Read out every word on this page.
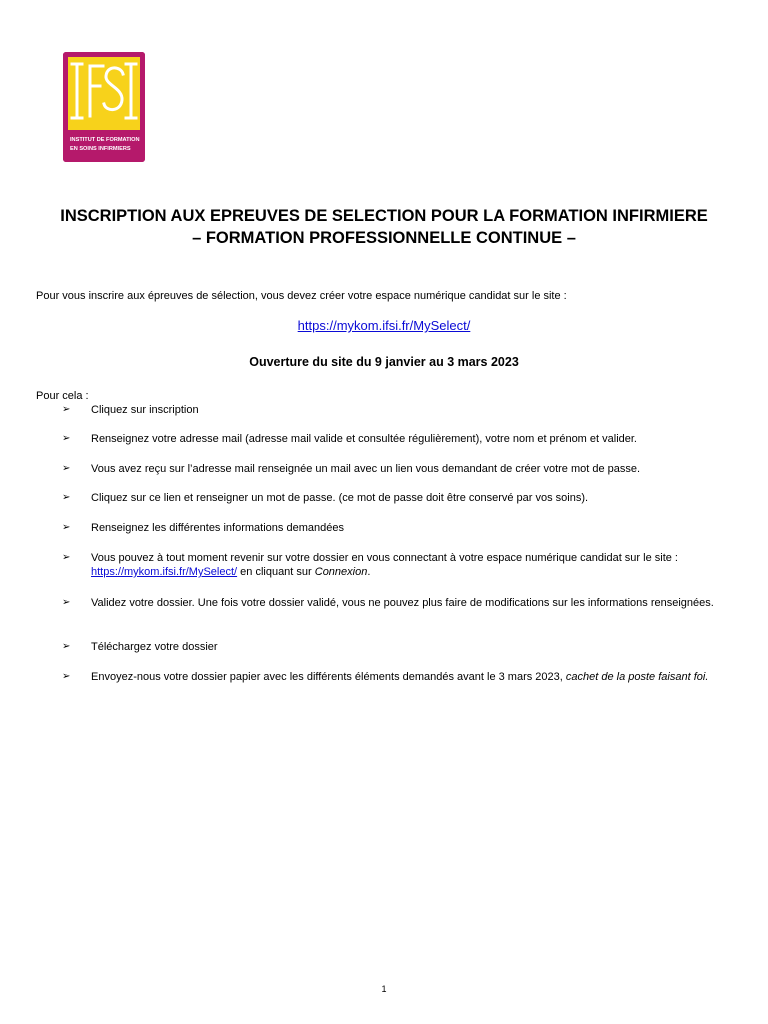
INSTITUT DE FORMATION
EN SOINS INFIRMIERS
INSCRIPTION AUX EPREUVES DE SELECTION POUR LA FORMATION INFIRMIERE
– FORMATION PROFESSIONNELLE CONTINUE –
Pour vous inscrire aux épreuves de sélection, vous devez créer votre espace numérique candidat sur le site :
https://mykom.ifsi.fr/MySelect/
Ouverture du site du 9 janvier au 3 mars 2023
Pour cela :
➢ Cliquez sur inscription
➢ Renseignez votre adresse mail (adresse mail valide et consultée régulièrement), votre nom et prénom et valider.
➢ Vous avez reçu sur l’adresse mail renseignée un mail avec un lien vous demandant de créer votre mot de passe.
➢ Cliquez sur ce lien et renseigner un mot de passe. (ce mot de passe doit être conservé par vos soins).
➢ Renseignez les différentes informations demandées
➢ Vous pouvez à tout moment revenir sur votre dossier en vous connectant à votre espace numérique candidat sur le site :
https://mykom.ifsi.fr/MySelect/ en cliquant sur Connexion.
➢ Validez votre dossier. Une fois votre dossier validé, vous ne pouvez plus faire de modifications sur les informations renseignées.
➢ Téléchargez votre dossier
➢	Envoyez-nous votre dossier papier avec les différents éléments demandés avant le 3 mars 2023, cachet de la poste faisant foi.
1
